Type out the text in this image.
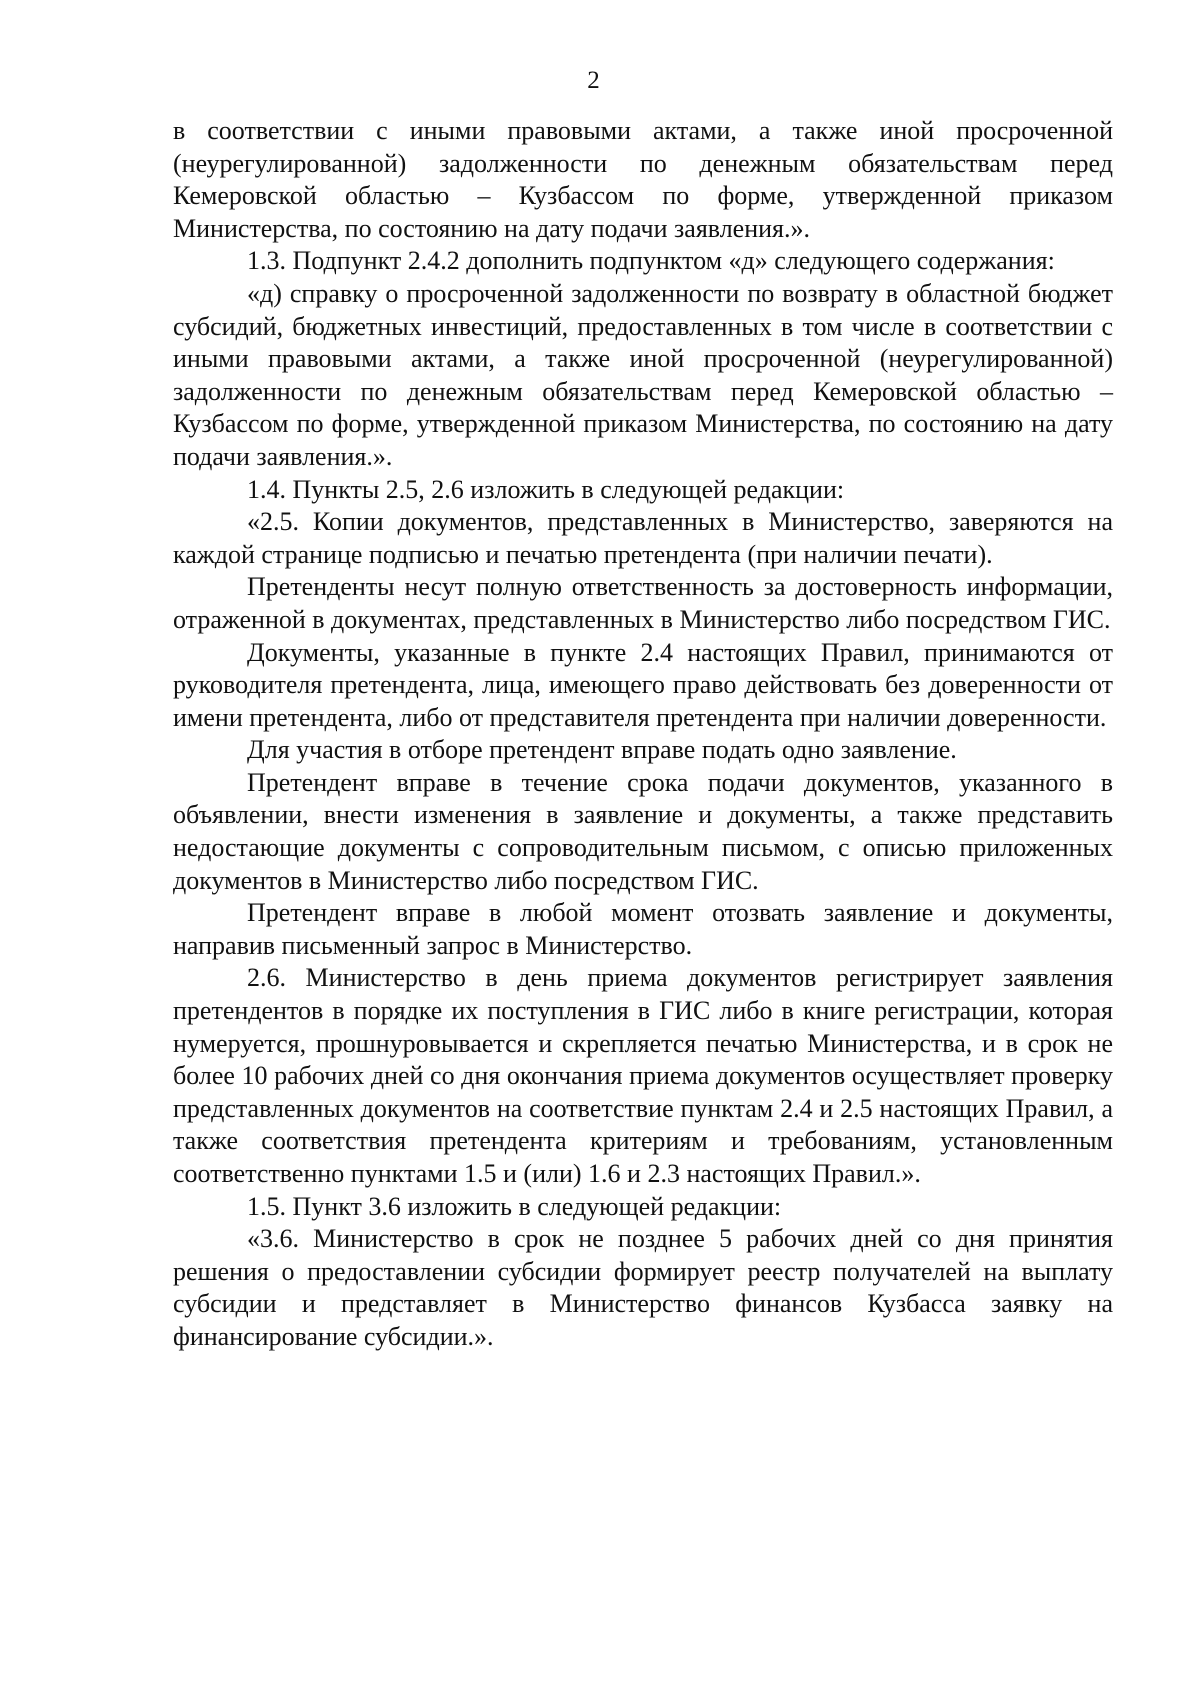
2

в соответствии с иными правовыми актами, а также иной просроченной (неурегулированной) задолженности по денежным обязательствам перед Кемеровской областью – Кузбассом по форме, утвержденной приказом Министерства, по состоянию на дату подачи заявления.».

1.3. Подпункт 2.4.2 дополнить подпунктом «д» следующего содержания:

«д) справку о просроченной задолженности по возврату в областной бюджет субсидий, бюджетных инвестиций, предоставленных в том числе в соответствии с иными правовыми актами, а также иной просроченной (неурегулированной) задолженности по денежным обязательствам перед Кемеровской областью – Кузбассом по форме, утвержденной приказом Министерства, по состоянию на дату подачи заявления.».

1.4. Пункты 2.5, 2.6 изложить в следующей редакции:

«2.5. Копии документов, представленных в Министерство, заверяются на каждой странице подписью и печатью претендента (при наличии печати).

Претенденты несут полную ответственность за достоверность информации, отраженной в документах, представленных в Министерство либо посредством ГИС.

Документы, указанные в пункте 2.4 настоящих Правил, принимаются от руководителя претендента, лица, имеющего право действовать без доверенности от имени претендента, либо от представителя претендента при наличии доверенности.

Для участия в отборе претендент вправе подать одно заявление.

Претендент вправе в течение срока подачи документов, указанного в объявлении, внести изменения в заявление и документы, а также представить недостающие документы с сопроводительным письмом, с описью приложенных документов в Министерство либо посредством ГИС.

Претендент вправе в любой момент отозвать заявление и документы, направив письменный запрос в Министерство.

2.6. Министерство в день приема документов регистрирует заявления претендентов в порядке их поступления в ГИС либо в книге регистрации, которая нумеруется, прошнуровывается и скрепляется печатью Министерства, и в срок не более 10 рабочих дней со дня окончания приема документов осуществляет проверку представленных документов на соответствие пунктам 2.4 и 2.5 настоящих Правил, а также соответствия претендента критериям и требованиям, установленным соответственно пунктами 1.5 и (или) 1.6 и 2.3 настоящих Правил.».

1.5. Пункт 3.6 изложить в следующей редакции:

«3.6. Министерство в срок не позднее 5 рабочих дней со дня принятия решения о предоставлении субсидии формирует реестр получателей на выплату субсидии и представляет в Министерство финансов Кузбасса заявку на финансирование субсидии.».
